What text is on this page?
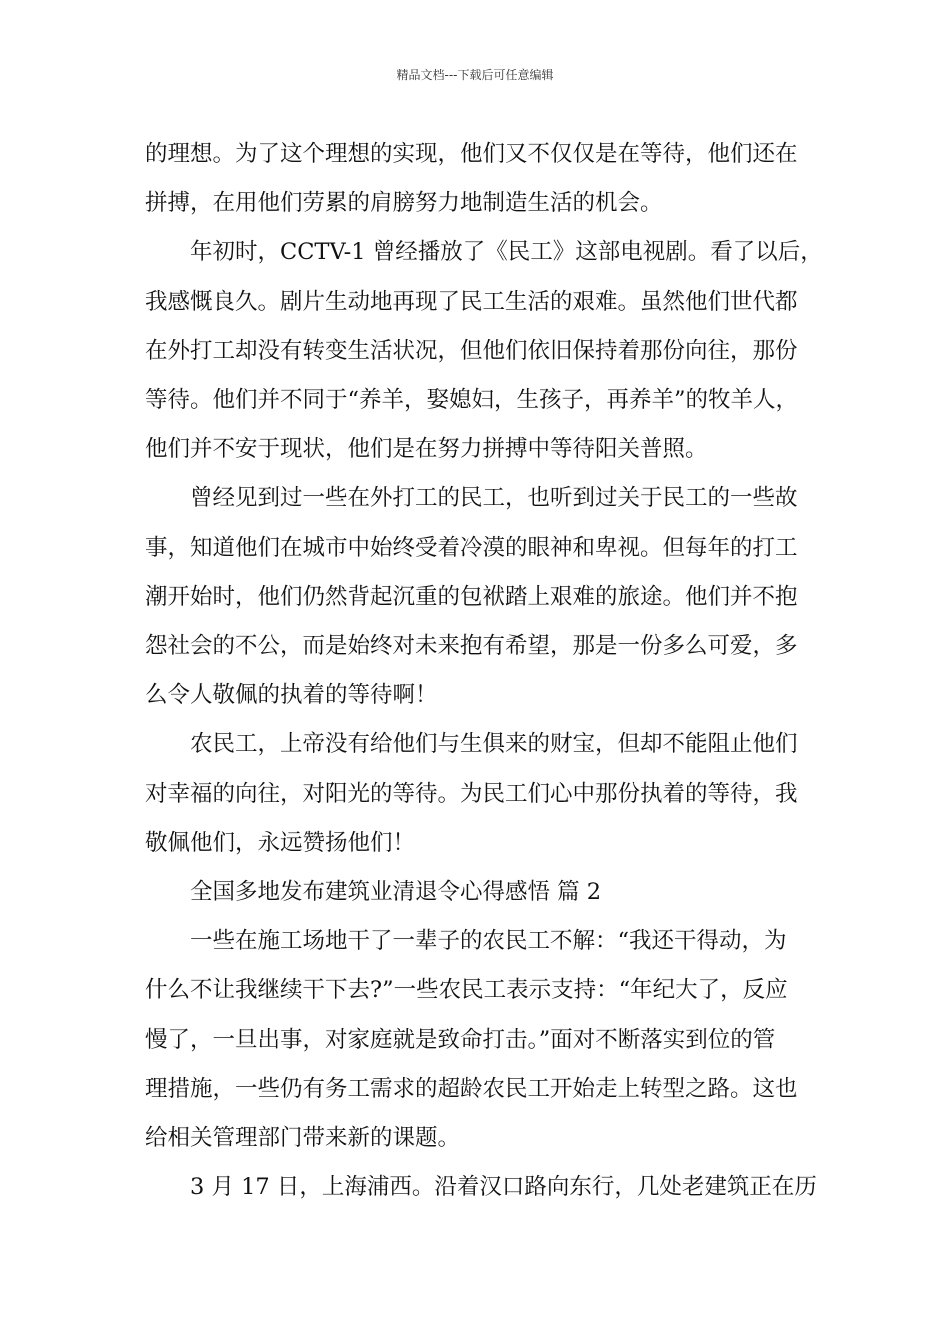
精品文档---下载后可任意编辑
的理想。为了这个理想的实现，他们又不仅仅是在等待，他们还在
拼搏，在用他们劳累的肩膀努力地制造生活的机会。
年初时，CCTV-1 曾经播放了《民工》这部电视剧。看了以后，
我感慨良久。剧片生动地再现了民工生活的艰难。虽然他们世代都
在外打工却没有转变生活状况，但他们依旧保持着那份向往，那份
等待。他们并不同于“养羊，娶媳妇，生孩子，再养羊”的牧羊人，
他们并不安于现状，他们是在努力拼搏中等待阳关普照。
曾经见到过一些在外打工的民工，也听到过关于民工的一些故
事，知道他们在城市中始终受着冷漠的眼神和卑视。但每年的打工
潮开始时，他们仍然背起沉重的包袱踏上艰难的旅途。他们并不抱
怨社会的不公，而是始终对未来抱有希望，那是一份多么可爱，多
么令人敬佩的执着的等待啊！
农民工，上帝没有给他们与生俱来的财宝，但却不能阻止他们
对幸福的向往，对阳光的等待。为民工们心中那份执着的等待，我
敬佩他们，永远赞扬他们！
全国多地发布建筑业清退令心得感悟 篇 2
一些在施工场地干了一辈子的农民工不解：“我还干得动，为
什么不让我继续干下去?”一些农民工表示支持：“年纪大了，反应
慢了，一旦出事，对家庭就是致命打击。”面对不断落实到位的管
理措施，一些仍有务工需求的超龄农民工开始走上转型之路。这也
给相关管理部门带来新的课题。
3 月 17 日，上海浦西。沿着汉口路向东行，几处老建筑正在历
